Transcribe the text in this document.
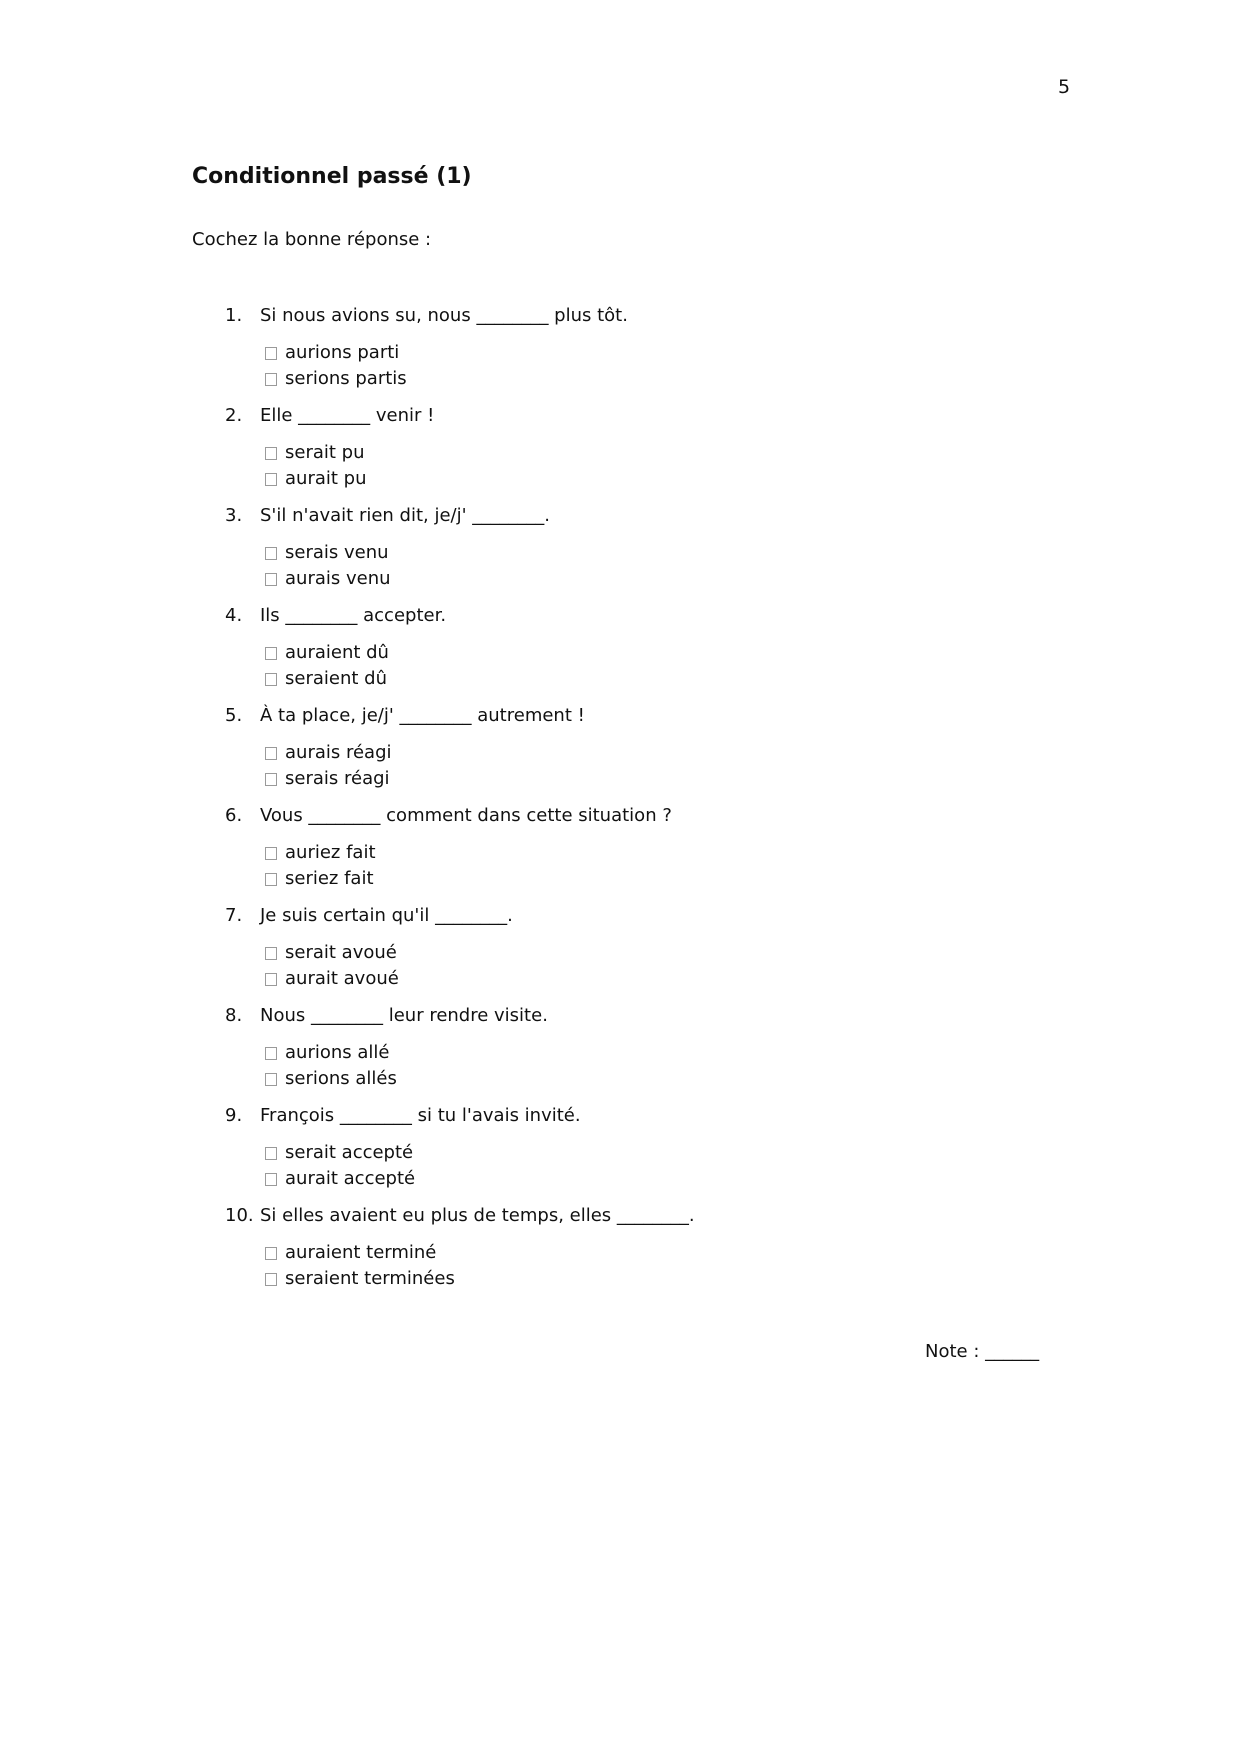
5
Conditionnel passé (1)
Cochez la bonne réponse :
1. Si nous avions su, nous ________ plus tôt.
aurions parti
serions partis
2. Elle ________ venir !
serait pu
aurait pu
3. S'il n'avait rien dit, je/j' ________.
serais venu
aurais venu
4. Ils ________ accepter.
auraient dû
seraient dû
5. À ta place, je/j' ________ autrement !
aurais réagi
serais réagi
6. Vous ________ comment dans cette situation ?
auriez fait
seriez fait
7. Je suis certain qu'il ________.
serait avoué
aurait avoué
8. Nous ________ leur rendre visite.
aurions allé
serions allés
9. François ________ si tu l'avais invité.
serait accepté
aurait accepté
10. Si elles avaient eu plus de temps, elles ________.
auraient terminé
seraient terminées
Note : ______
